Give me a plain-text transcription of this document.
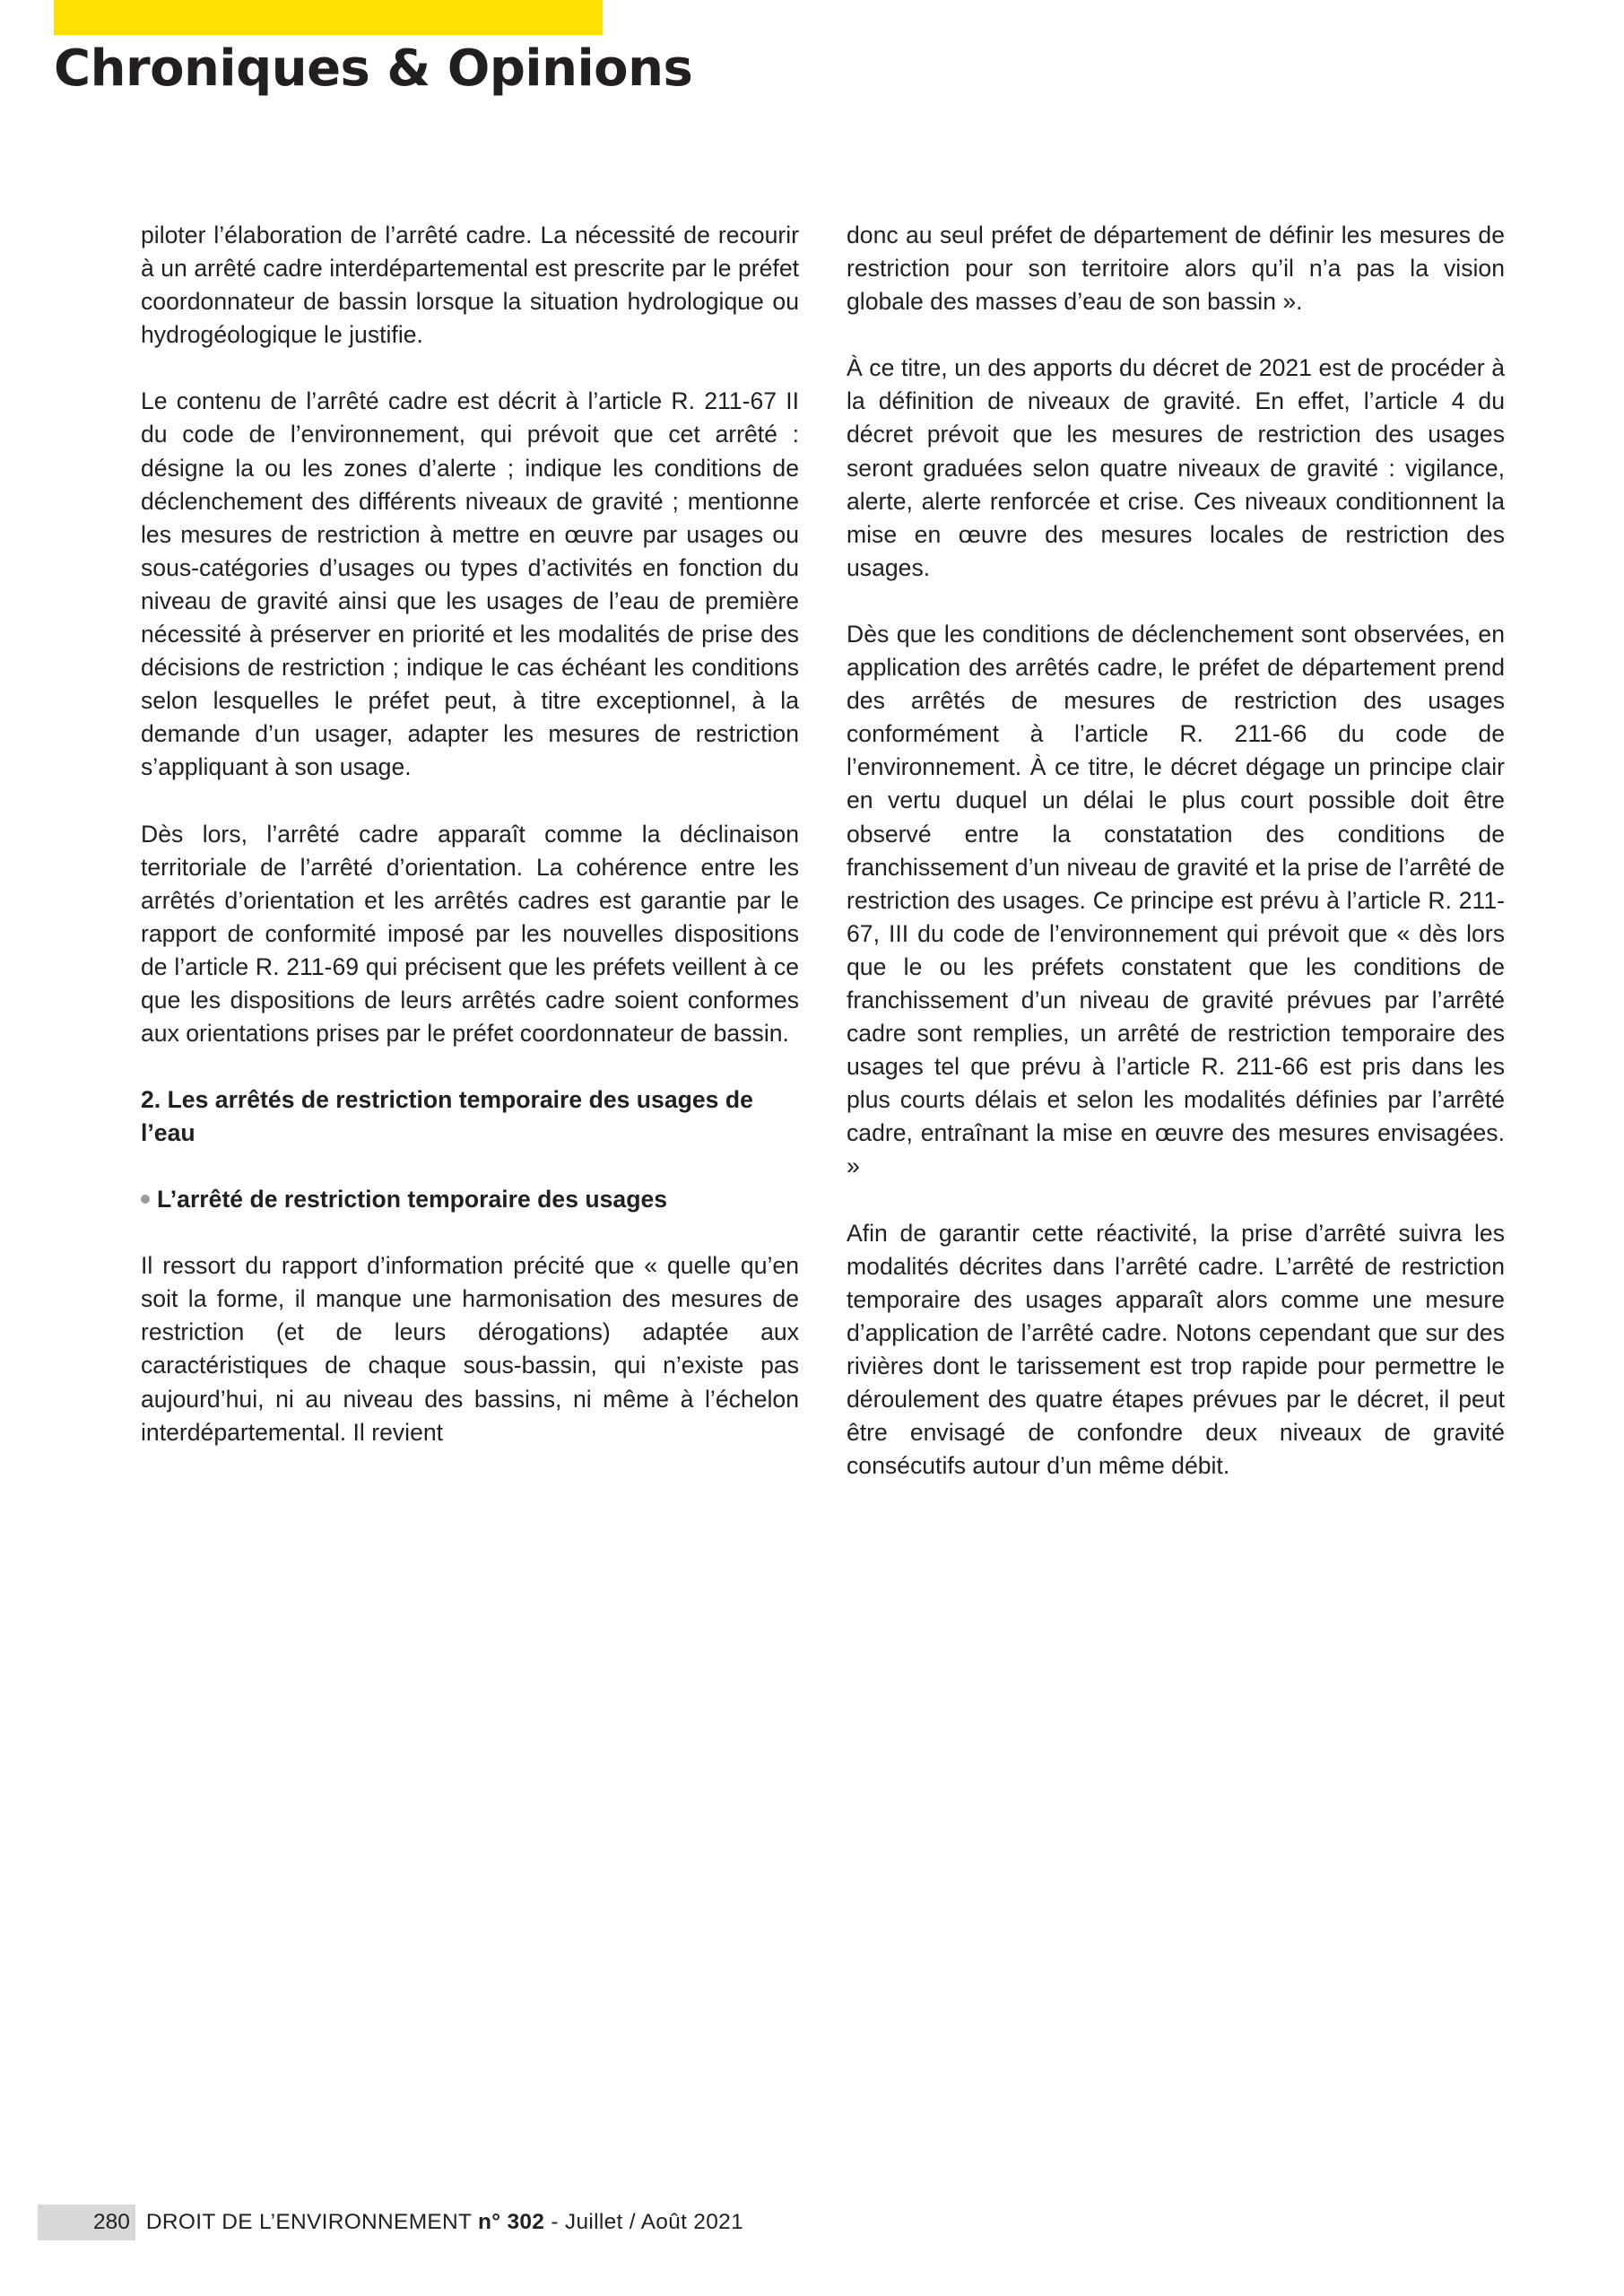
Chroniques & Opinions

piloter l’élaboration de l’arrêté cadre. La nécessité de recourir à un arrêté cadre interdépartemental est prescrite par le préfet coordonnateur de bassin lorsque la situation hydrologique ou hydrogéologique le justifie.

Le contenu de l’arrêté cadre est décrit à l’article R. 211-67 II du code de l’environnement, qui prévoit que cet arrêté : désigne la ou les zones d’alerte ; indique les conditions de déclenchement des différents niveaux de gravité ; mentionne les mesures de restriction à mettre en œuvre par usages ou sous-catégories d’usages ou types d’activités en fonction du niveau de gravité ainsi que les usages de l’eau de première nécessité à préserver en priorité et les modalités de prise des décisions de restriction ; indique le cas échéant les conditions selon lesquelles le préfet peut, à titre exceptionnel, à la demande d’un usager, adapter les mesures de restriction s’appliquant à son usage.

Dès lors, l’arrêté cadre apparaît comme la déclinaison territoriale de l’arrêté d’orientation. La cohérence entre les arrêtés d’orientation et les arrêtés cadres est garantie par le rapport de conformité imposé par les nouvelles dispositions de l’article R. 211-69 qui précisent que les préfets veillent à ce que les dispositions de leurs arrêtés cadre soient conformes aux orientations prises par le préfet coordonnateur de bassin.

2. Les arrêtés de restriction temporaire des usages de l’eau
L’arrêté de restriction temporaire des usages

Il ressort du rapport d’information précité que « quelle qu’en soit la forme, il manque une harmonisation des mesures de restriction (et de leurs dérogations) adaptée aux caractéristiques de chaque sous-bassin, qui n’existe pas aujourd’hui, ni au niveau des bassins, ni même à l’échelon interdépartemental. Il revient

donc au seul préfet de département de définir les mesures de restriction pour son territoire alors qu’il n’a pas la vision globale des masses d’eau de son bassin ».

À ce titre, un des apports du décret de 2021 est de procéder à la définition de niveaux de gravité. En effet, l’article 4 du décret prévoit que les mesures de restriction des usages seront graduées selon quatre niveaux de gravité : vigilance, alerte, alerte renforcée et crise. Ces niveaux conditionnent la mise en œuvre des mesures locales de restriction des usages.

Dès que les conditions de déclenchement sont observées, en application des arrêtés cadre, le préfet de département prend des arrêtés de mesures de restriction des usages conformément à l’article R. 211-66 du code de l’environnement. À ce titre, le décret dégage un principe clair en vertu duquel un délai le plus court possible doit être observé entre la constatation des conditions de franchissement d’un niveau de gravité et la prise de l’arrêté de restriction des usages. Ce principe est prévu à l’article R. 211-67, III du code de l’environnement qui prévoit que « dès lors que le ou les préfets constatent que les conditions de franchissement d’un niveau de gravité prévues par l’arrêté cadre sont remplies, un arrêté de restriction temporaire des usages tel que prévu à l’article R. 211-66 est pris dans les plus courts délais et selon les modalités définies par l’arrêté cadre, entraînant la mise en œuvre des mesures envisagées. »

Afin de garantir cette réactivité, la prise d’arrêté suivra les modalités décrites dans l’arrêté cadre. L’arrêté de restriction temporaire des usages apparaît alors comme une mesure d’application de l’arrêté cadre. Notons cependant que sur des rivières dont le tarissement est trop rapide pour permettre le déroulement des quatre étapes prévues par le décret, il peut être envisagé de confondre deux niveaux de gravité consécutifs autour d’un même débit.

280 DROIT DE L’ENVIRONNEMENT n° 302 - Juillet / Août 2021
